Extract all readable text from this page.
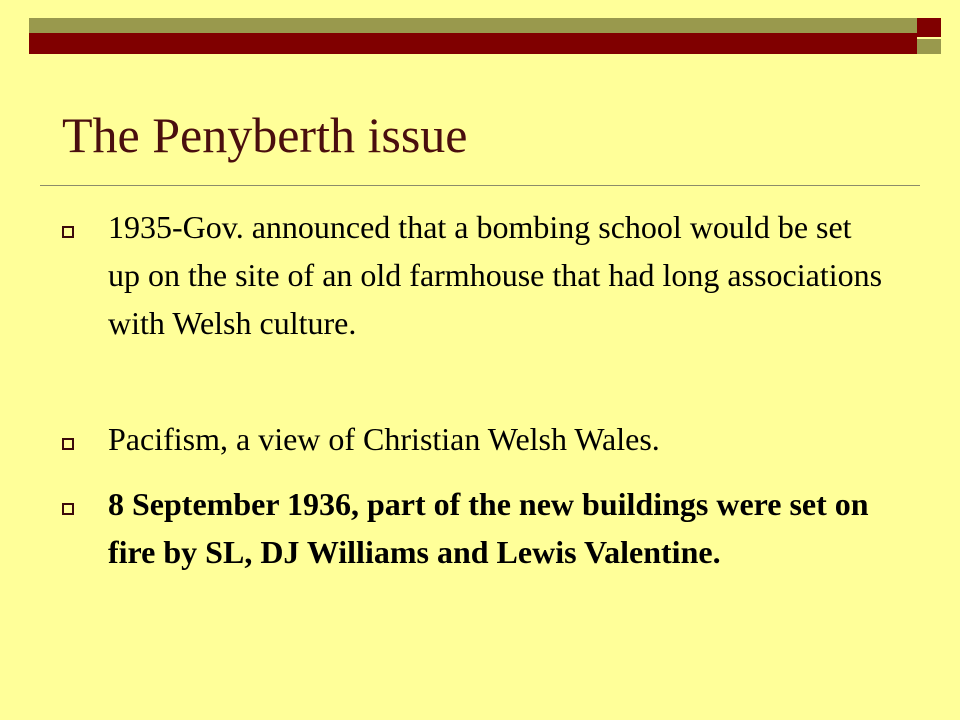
The Penyberth issue
1935-Gov. announced that a bombing school would be set up on the site of an old farmhouse that had long associations with Welsh culture.
Pacifism, a view of Christian Welsh Wales.
8 September 1936, part of the new buildings were set on fire by SL, DJ Williams and Lewis Valentine.
